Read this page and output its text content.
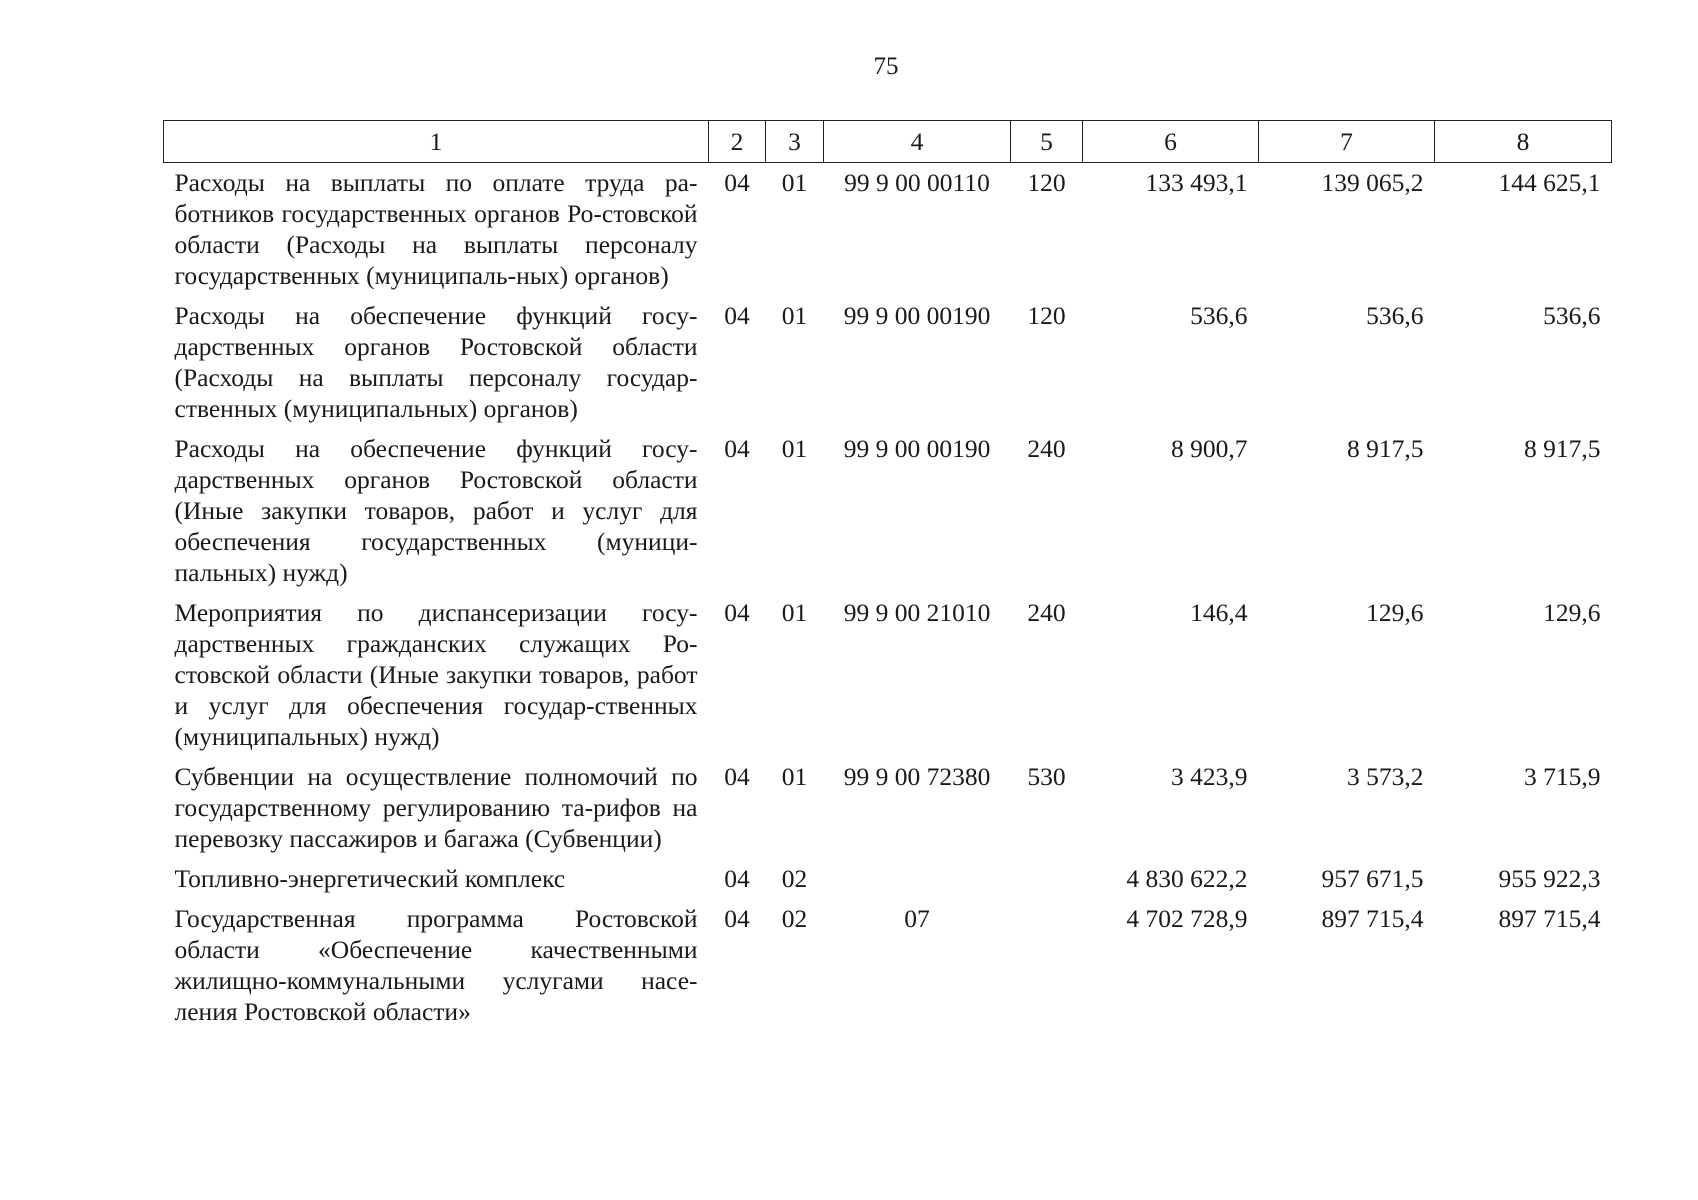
75
1	2	3	4	5	6	7	8
Расходы на выплаты по оплате труда ра-ботников государственных органов Ро-стовской области (Расходы на выплаты персоналу государственных (муниципаль-ных) органов)	04	01	99 9 00 00110	120	133 493,1	139 065,2	144 625,1
Расходы на обеспечение функций госу-дарственных органов Ростовской области (Расходы на выплаты персоналу государ-ственных (муниципальных) органов)	04	01	99 9 00 00190	120	536,6	536,6	536,6
Расходы на обеспечение функций госу-дарственных органов Ростовской области (Иные закупки товаров, работ и услуг для обеспечения государственных (муници-пальных) нужд)	04	01	99 9 00 00190	240	8 900,7	8 917,5	8 917,5
Мероприятия по диспансеризации госу-дарственных гражданских служащих Ро-стовской области (Иные закупки товаров, работ и услуг для обеспечения государ-ственных (муниципальных) нужд)	04	01	99 9 00 21010	240	146,4	129,6	129,6
Субвенции на осуществление полномочий по государственному регулированию та-рифов на перевозку пассажиров и багажа (Субвенции)	04	01	99 9 00 72380	530	3 423,9	3 573,2	3 715,9
Топливно-энергетический комплекс	04	02			4 830 622,2	957 671,5	955 922,3
Государственная программа Ростовской области «Обеспечение качественными жилищно-коммунальными услугами насе-ления Ростовской области»	04	02	07		4 702 728,9	897 715,4	897 715,4
